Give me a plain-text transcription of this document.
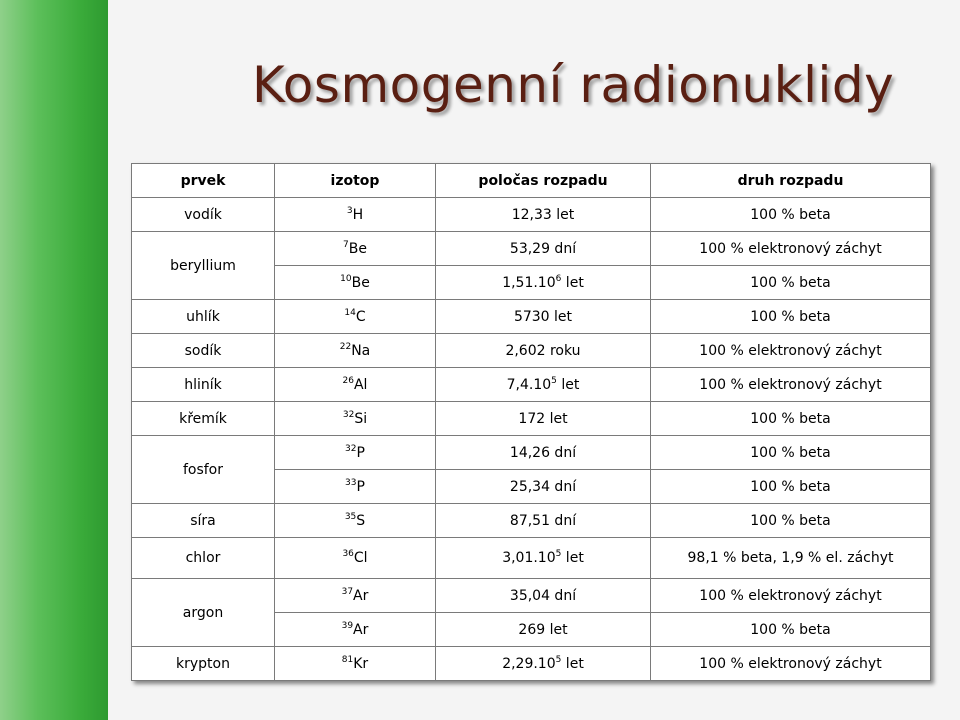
Kosmogenní radionuklidy
prvek	izotop	poločas rozpadu	druh rozpadu
vodík	$^3$H	12,33 let	100 % beta
beryllium	$^7$Be	53,29 dní	100 % elektronový záchyt
	$^{10}$Be	1,51.10$^6$ let	100 % beta
uhlík	$^{14}$C	5730 let	100 % beta
sodík	$^{22}$Na	2,602 roku	100 % elektronový záchyt
hliník	$^{26}$Al	7,4.10$^5$ let	100 % elektronový záchyt
křemík	$^{32}$Si	172 let	100 % beta
fosfor	$^{32}$P	14,26 dní	100 % beta
	$^{33}$P	25,34 dní	100 % beta
síra	$^{35}$S	87,51 dní	100 % beta
chlor	$^{36}$Cl	3,01.10$^5$ let	98,1 % beta, 1,9 % el. záchyt
argon	$^{37}$Ar	35,04 dní	100 % elektronový záchyt
	$^{39}$Ar	269 let	100 % beta
krypton	$^{81}$Kr	2,29.10$^5$ let	100 % elektronový záchyt
